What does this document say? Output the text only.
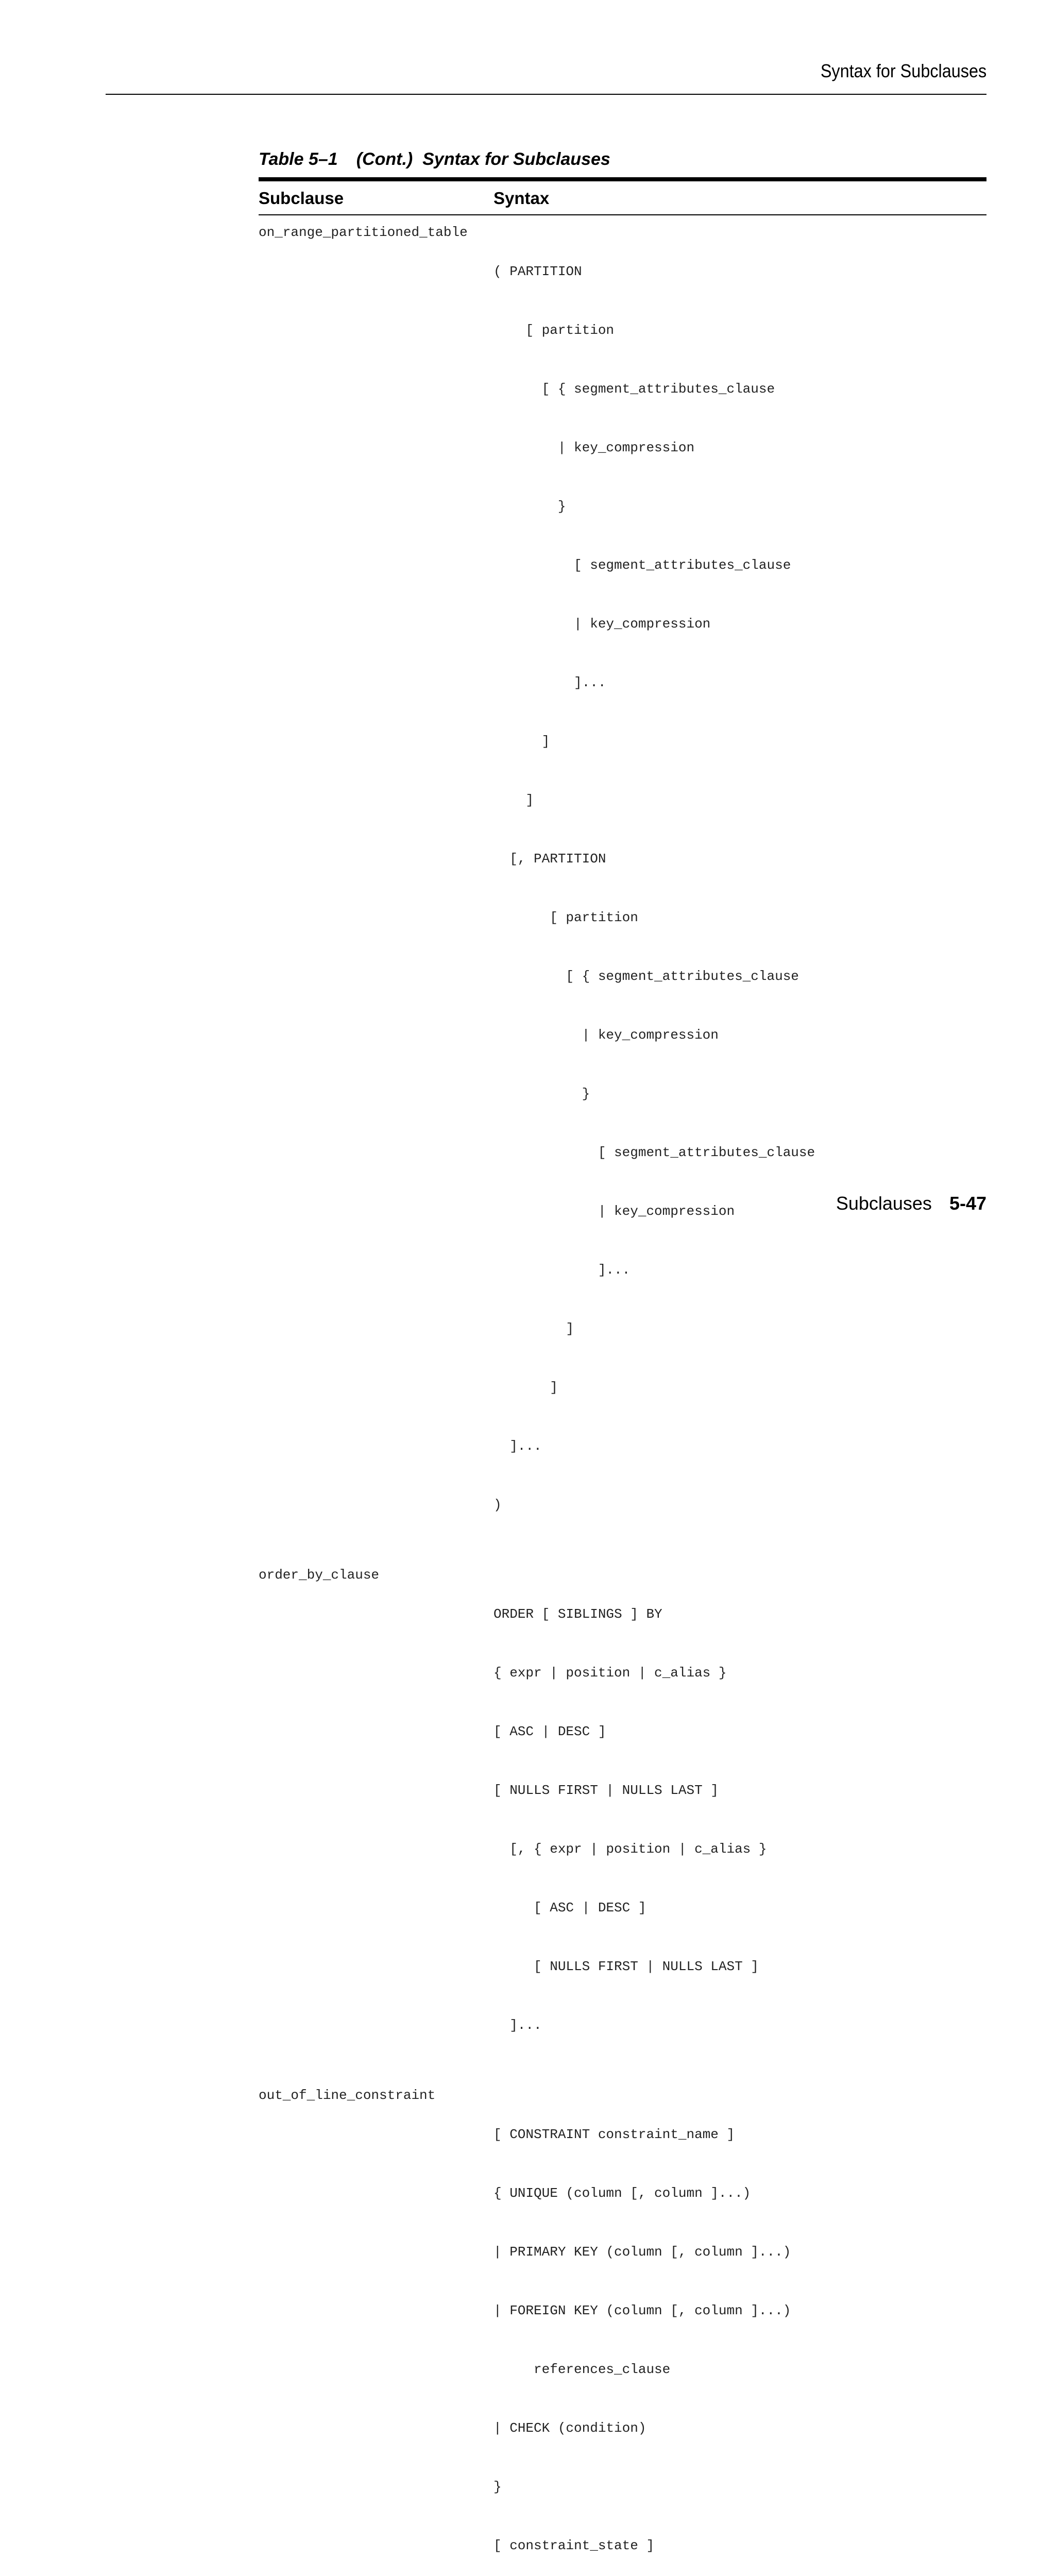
Syntax for Subclauses
Table 5–1 (Cont.)  Syntax for Subclauses
Subclause	Syntax
on_range_partitioned_table

( PARTITION

[ partition

[ { segment_attributes_clause

| key_compression

}

[ segment_attributes_clause

| key_compression

]...

]

]

[, PARTITION

[ partition

[ { segment_attributes_clause

| key_compression

}

[ segment_attributes_clause

| key_compression

]...

]

]

]...

)

order_by_clause

ORDER [ SIBLINGS ] BY

{ expr | position | c_alias }

[ ASC | DESC ]

[ NULLS FIRST | NULLS LAST ]

[, { expr | position | c_alias }

[ ASC | DESC ]

[ NULLS FIRST | NULLS LAST ]

]...

out_of_line_constraint

[ CONSTRAINT constraint_name ]

{ UNIQUE (column [, column ]...)

| PRIMARY KEY (column [, column ]...)

| FOREIGN KEY (column [, column ]...)

references_clause

| CHECK (condition)

}

[ constraint_state ]

Subclauses 5-47
